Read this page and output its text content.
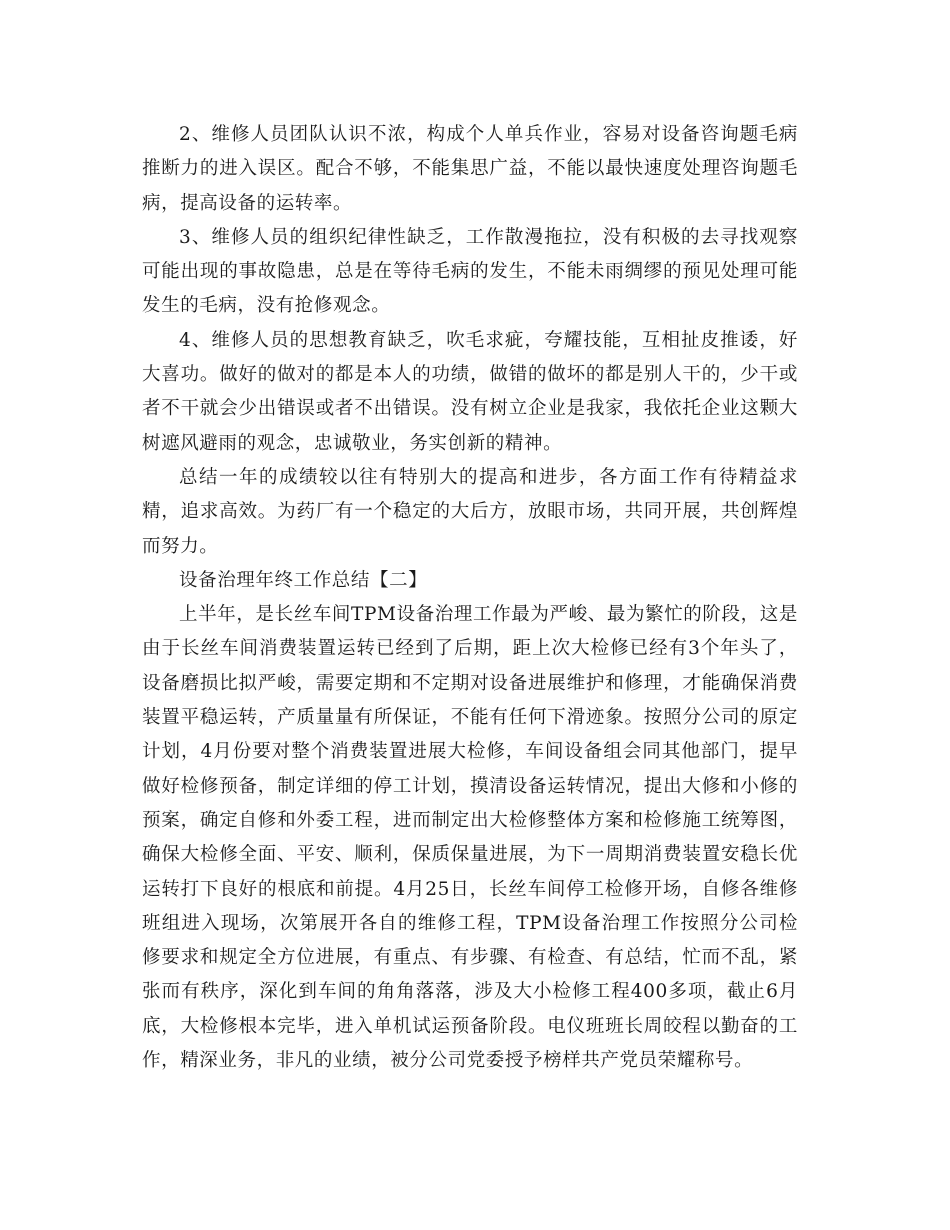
2、维修人员团队认识不浓，构成个人单兵作业，容易对设备咨询题毛病推断力的进入误区。配合不够，不能集思广益，不能以最快速度处理咨询题毛病，提高设备的运转率。

3、维修人员的组织纪律性缺乏，工作散漫拖拉，没有积极的去寻找观察可能出现的事故隐患，总是在等待毛病的发生，不能未雨绸缪的预见处理可能发生的毛病，没有抢修观念。

4、维修人员的思想教育缺乏，吹毛求疵，夸耀技能，互相扯皮推诿，好大喜功。做好的做对的都是本人的功绩，做错的做坏的都是别人干的，少干或者不干就会少出错误或者不出错误。没有树立企业是我家，我依托企业这颗大树遮风避雨的观念，忠诚敬业，务实创新的精神。

总结一年的成绩较以往有特别大的提高和进步，各方面工作有待精益求精，追求高效。为药厂有一个稳定的大后方，放眼市场，共同开展，共创辉煌而努力。

设备治理年终工作总结【二】

上半年，是长丝车间TPM设备治理工作最为严峻、最为繁忙的阶段，这是由于长丝车间消费装置运转已经到了后期，距上次大检修已经有3个年头了，设备磨损比拟严峻，需要定期和不定期对设备进展维护和修理，才能确保消费装置平稳运转，产质量量有所保证，不能有任何下滑迹象。按照分公司的原定计划，4月份要对整个消费装置进展大检修，车间设备组会同其他部门，提早做好检修预备，制定详细的停工计划，摸清设备运转情况，提出大修和小修的预案，确定自修和外委工程，进而制定出大检修整体方案和检修施工统筹图，确保大检修全面、平安、顺利，保质保量进展，为下一周期消费装置安稳长优运转打下良好的根底和前提。4月25日，长丝车间停工检修开场，自修各维修班组进入现场，次第展开各自的维修工程，TPM设备治理工作按照分公司检修要求和规定全方位进展，有重点、有步骤、有检查、有总结，忙而不乱，紧张而有秩序，深化到车间的角角落落，涉及大小检修工程400多项，截止6月底，大检修根本完毕，进入单机试运预备阶段。电仪班班长周皎程以勤奋的工作，精深业务，非凡的业绩，被分公司党委授予榜样共产党员荣耀称号。
